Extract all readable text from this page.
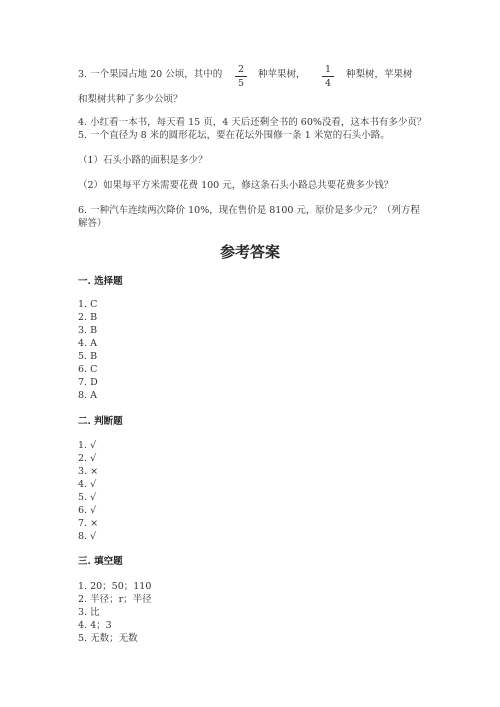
3. 一个果园占地 20 公顷，其中的	2
5
种苹果树，	1
4
种梨树，苹果树
和梨树共种了多少公顷？
4. 小红看一本书，每天看 15 页，4 天后还剩全书的 60%没看，这本书有多少页？
5. 一个直径为 8 米的圆形花坛，要在花坛外围修一条 1 米宽的石头小路。
（1）石头小路的面积是多少？
（2）如果每平方米需要花费 100 元，修这条石头小路总共要花费多少钱？
6. 一种汽车连续两次降价 10%，现在售价是 8100 元，原价是多少元？（列方程
解答）
参考答案
一. 选择题
1. C
2. B
3. B
4. A
5. B
6. C
7. D
8. A
二. 判断题
1. √
2. √
3. ×
4. √
5. √
6. √
7. ×
8. √
三. 填空题
1. 20；50；110
2. 半径；r；半径
3. 比
4. 4；3
5. 无数；无数
